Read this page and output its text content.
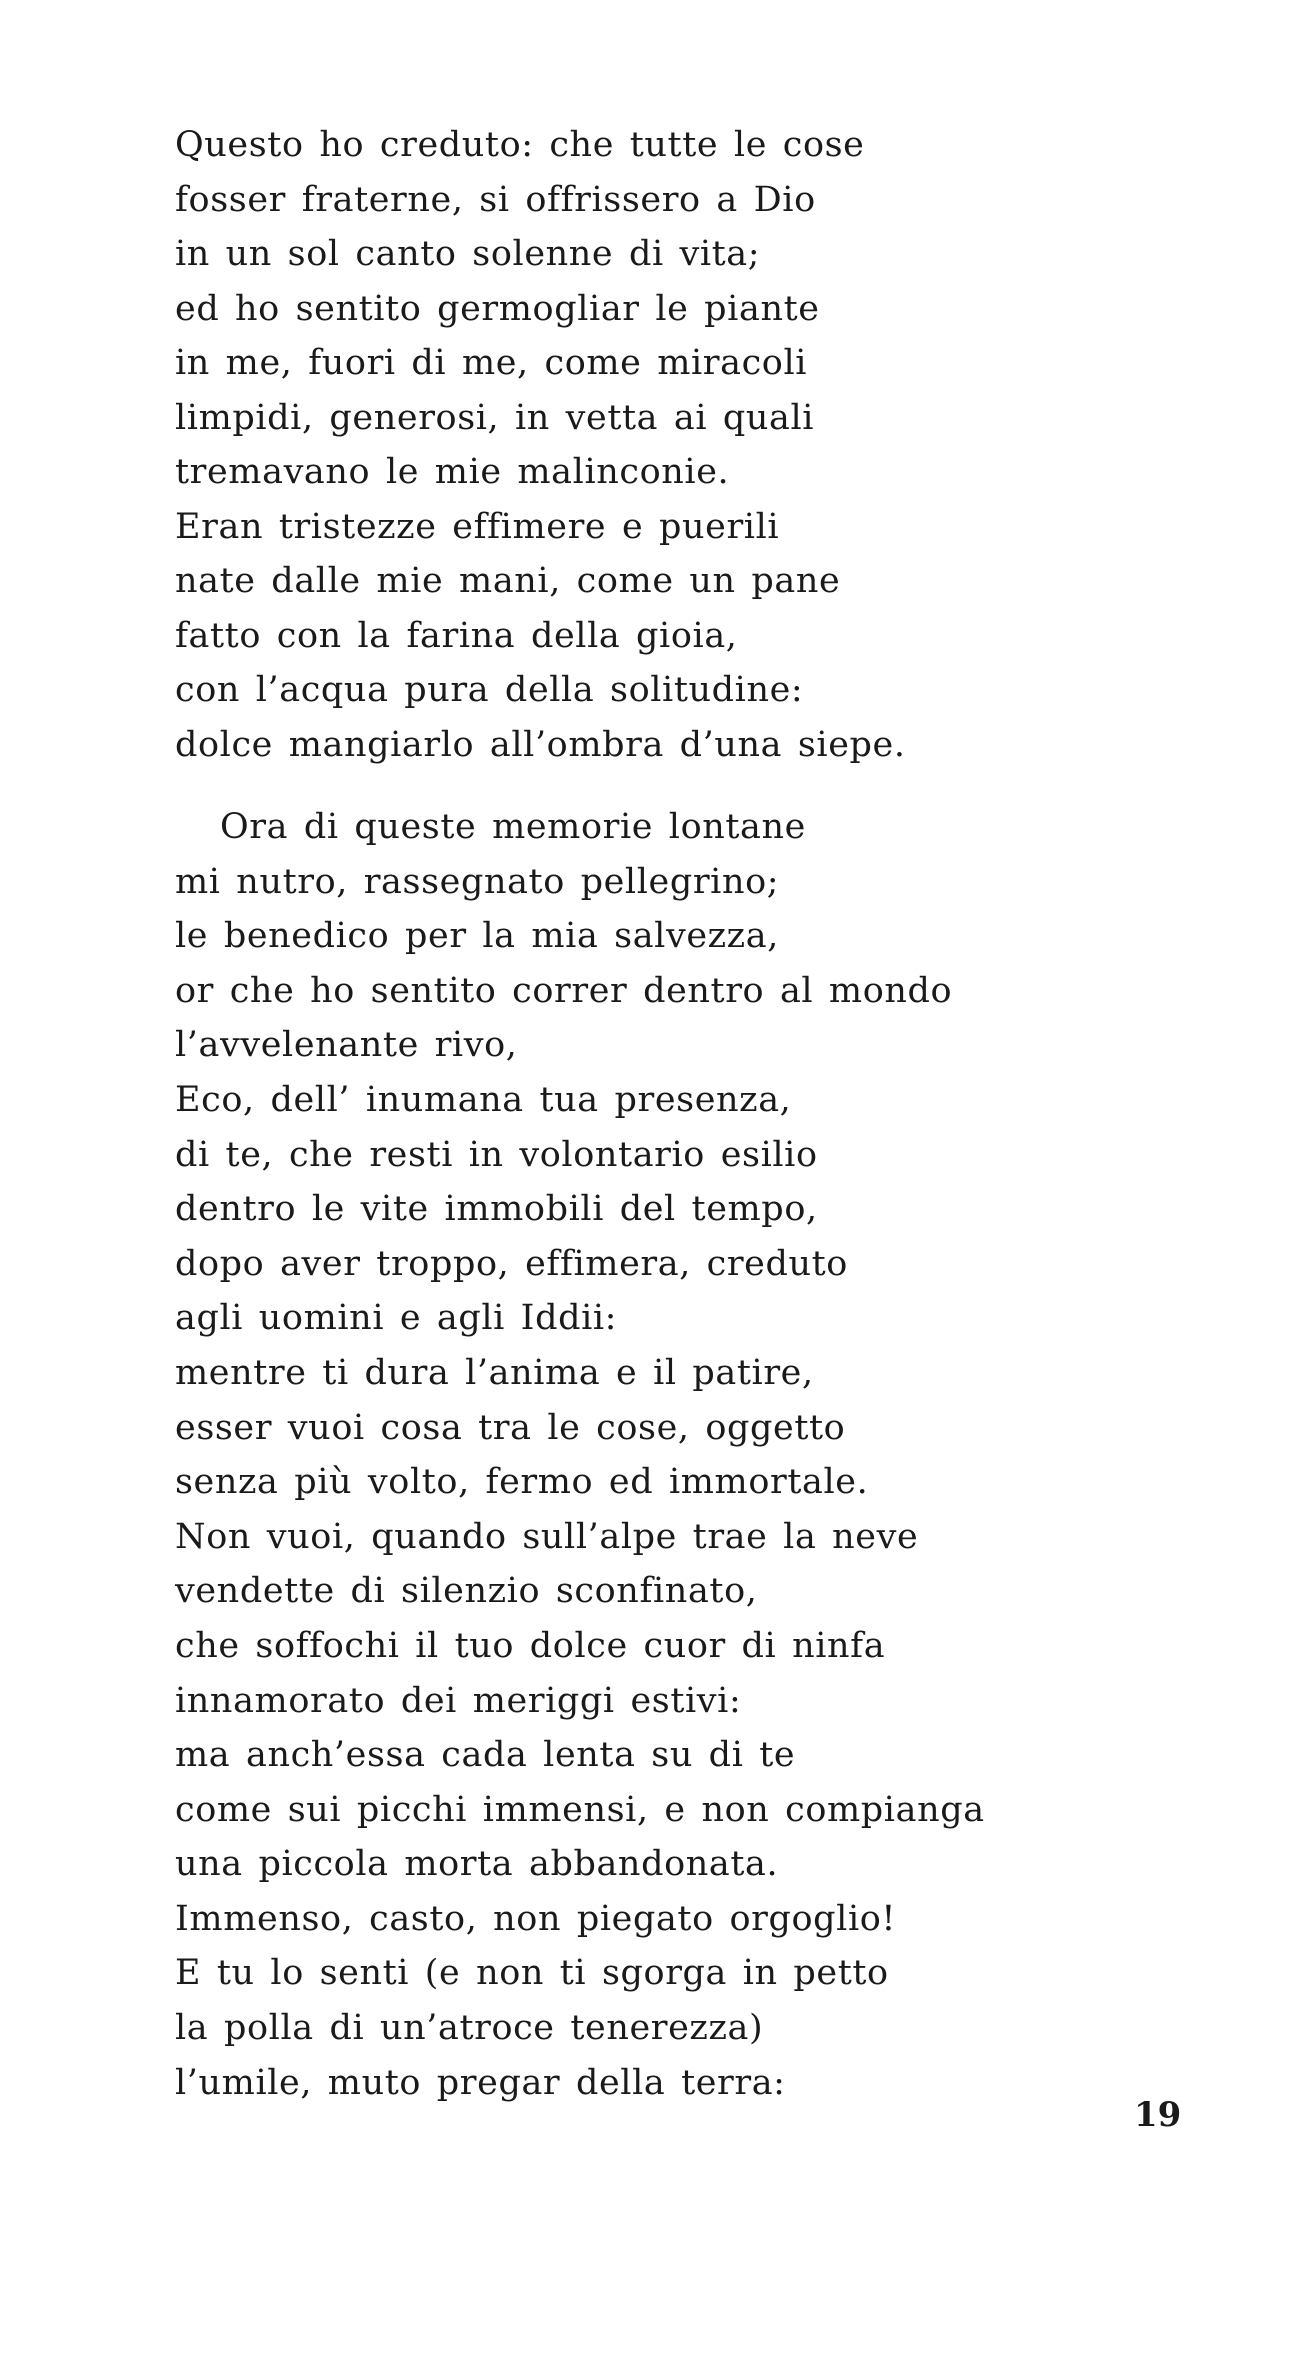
Questo ho creduto: che tutte le cose
fosser fraterne, si offrissero a Dio
in un sol canto solenne di vita;
ed ho sentito germogliar le piante
in me, fuori di me, come miracoli
limpidi, generosi, in vetta ai quali
tremavano le mie malinconie.
Eran tristezze effimere e puerili
nate dalle mie mani, come un pane
fatto con la farina della gioia,
con l’acqua pura della solitudine:
dolce mangiarlo all’ombra d’una siepe.
Ora di queste memorie lontane
mi nutro, rassegnato pellegrino;
le benedico per la mia salvezza,
or che ho sentito correr dentro al mondo
l’avvelenante rivo,
Eco, dell’ inumana tua presenza,
di te, che resti in volontario esilio
dentro le vite immobili del tempo,
dopo aver troppo, effimera, creduto
agli uomini e agli Iddii:
mentre ti dura l’anima e il patire,
esser vuoi cosa tra le cose, oggetto
senza più volto, fermo ed immortale.
Non vuoi, quando sull’alpe trae la neve
vendette di silenzio sconfinato,
che soffochi il tuo dolce cuor di ninfa
innamorato dei meriggi estivi:
ma anch’essa cada lenta su di te
come sui picchi immensi, e non compianga
una piccola morta abbandonata.
Immenso, casto, non piegato orgoglio!
E tu lo senti (e non ti sgorga in petto
la polla di un’atroce tenerezza)
l’umile, muto pregar della terra:
19
